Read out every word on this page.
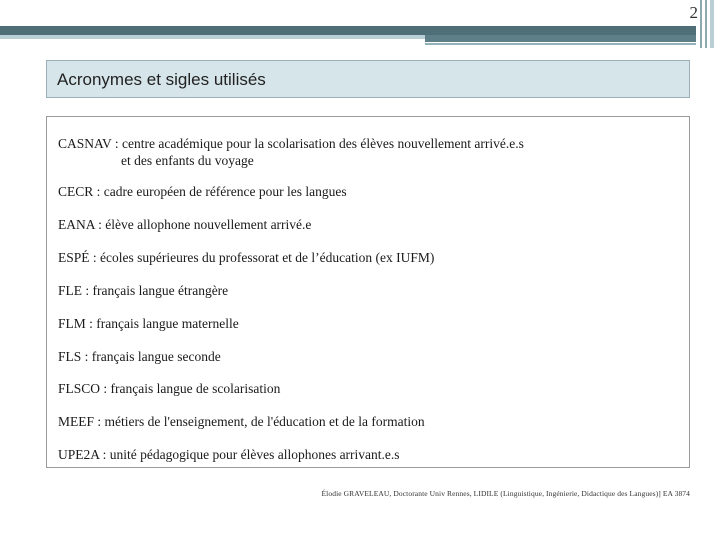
2
Acronymes et sigles utilisés
CASNAV : centre académique pour la scolarisation des élèves nouvellement arrivé.e.s
et des enfants du voyage
CECR : cadre européen de référence pour les langues
EANA : élève allophone nouvellement arrivé.e
ESPÉ : écoles supérieures du professorat et de l’éducation (ex IUFM)
FLE : français langue étrangère
FLM : français langue maternelle
FLS : français langue seconde
FLSCO : français langue de scolarisation
MEEF : métiers de l'enseignement, de l'éducation et de la formation
UPE2A : unité pédagogique pour élèves allophones arrivant.e.s
Élodie GRAVELEAU, Doctorante Univ Rennes, LIDILE (Linguistique, Ingénierie, Didactique des Langues)] EA 3874
